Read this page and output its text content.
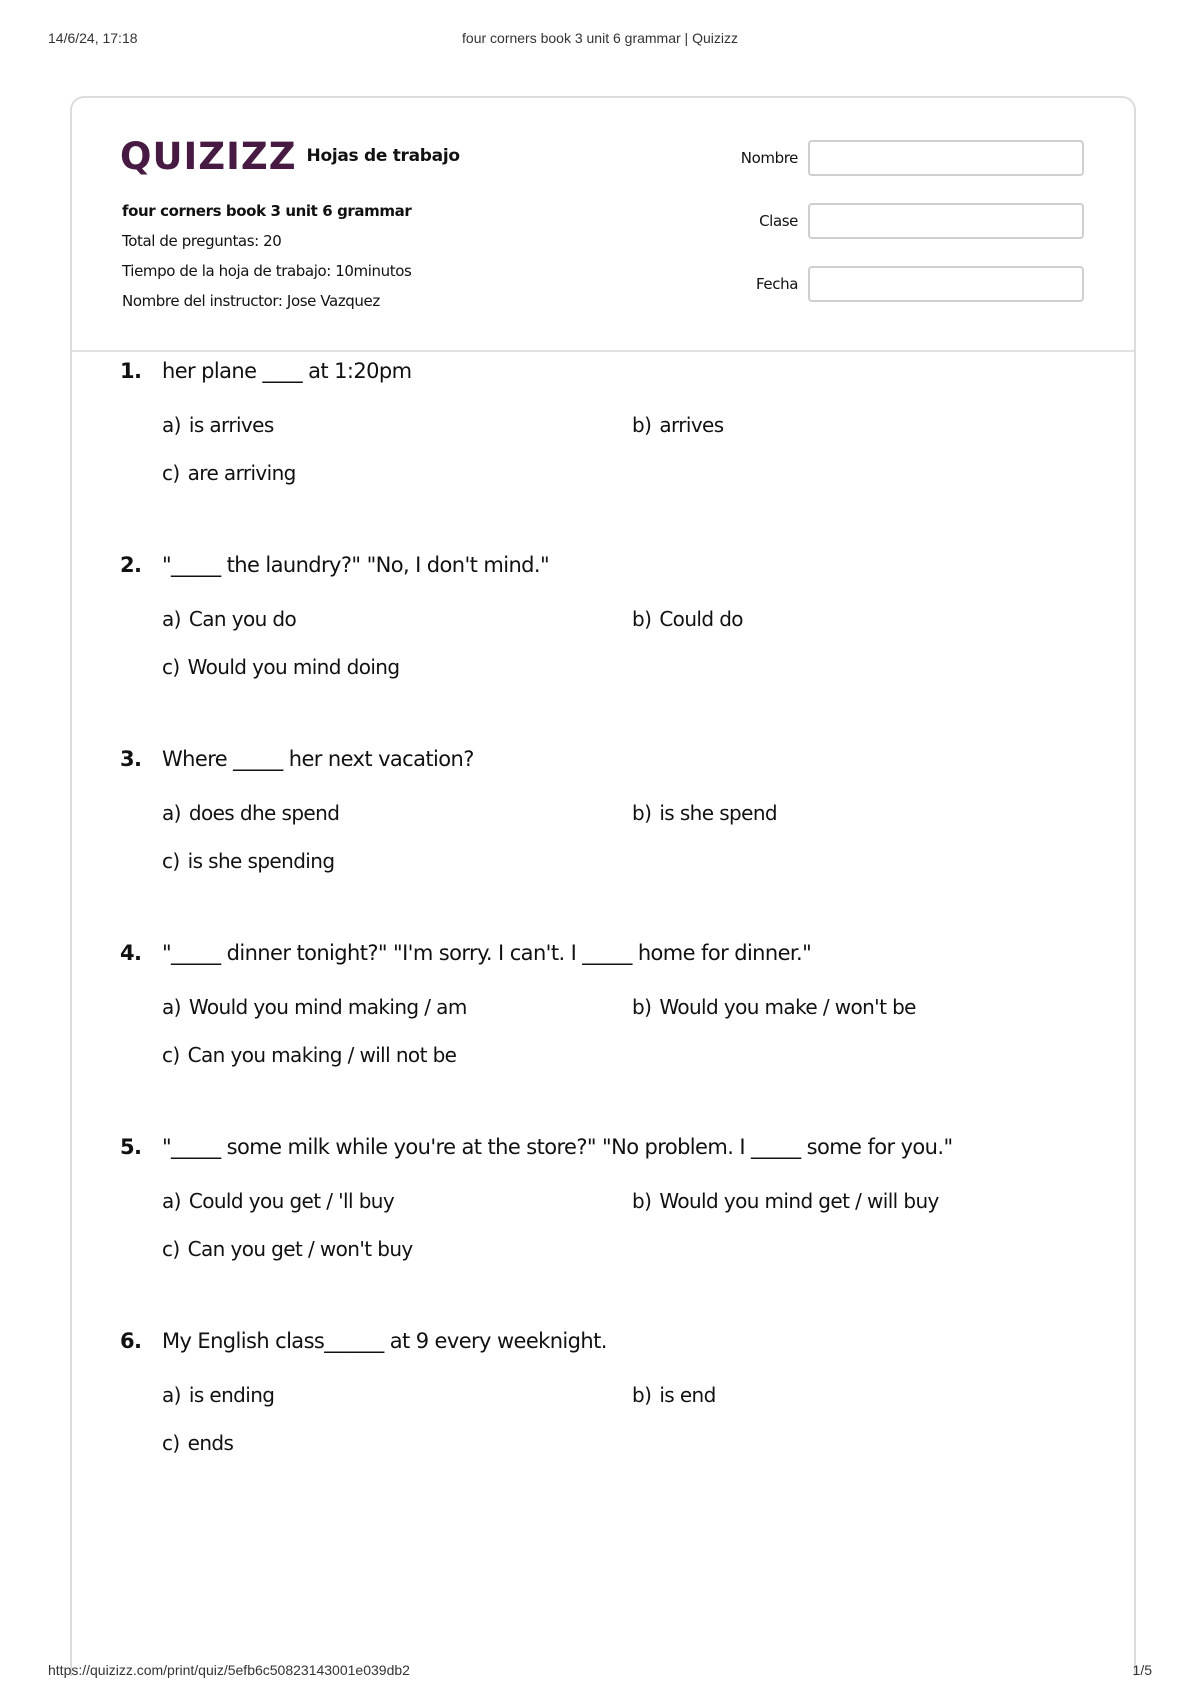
14/6/24, 17:18	four corners book 3 unit 6 grammar | Quizizz
QUIZIZZ Hojas de trabajo
four corners book 3 unit 6 grammar
Total de preguntas: 20
Tiempo de la hoja de trabajo: 10minutos
Nombre del instructor: Jose Vazquez
Nombre
Clase
Fecha
1. her plane ____ at 1:20pm
a) is arrives	b) arrives
c) are arriving
2. "_____ the laundry?" "No, I don't mind."
a) Can you do	b) Could do
c) Would you mind doing
3. Where _____ her next vacation?
a) does dhe spend	b) is she spend
c) is she spending
4. "_____ dinner tonight?" "I'm sorry. I can't. I _____ home for dinner."
a) Would you mind making / am	b) Would you make / won't be
c) Can you making / will not be
5. "_____ some milk while you're at the store?" "No problem. I _____ some for you."
a) Could you get / 'll buy	b) Would you mind get / will buy
c) Can you get / won't buy
6. My English class______ at 9 every weeknight.
a) is ending	b) is end
c) ends
https://quizizz.com/print/quiz/5efb6c50823143001e039db2	1/5
